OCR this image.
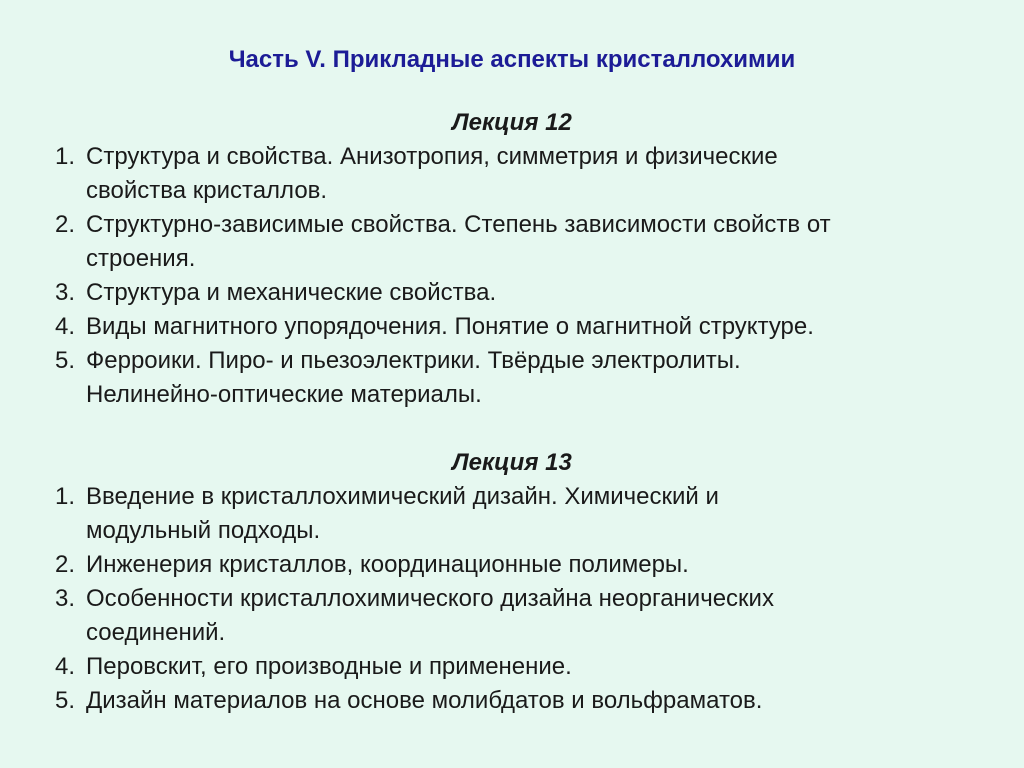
Часть V. Прикладные аспекты кристаллохимии
Лекция 12
1. Структура и свойства. Анизотропия, симметрия и физические
свойства кристаллов.
2. Структурно-зависимые свойства. Степень зависимости свойств от
строения.
3. Структура и механические свойства.
4. Виды магнитного упорядочения. Понятие о магнитной структуре.
5. Ферроики. Пиро- и пьезоэлектрики. Твёрдые электролиты.
Нелинейно-оптические материалы.
Лекция 13
1. Введение в кристаллохимический дизайн. Химический и
модульный подходы.
2. Инженерия кристаллов, координационные полимеры.
3. Особенности кристаллохимического дизайна неорганических
соединений.
4. Перовскит, его производные и применение.
5. Дизайн материалов на основе молибдатов и вольфраматов.
